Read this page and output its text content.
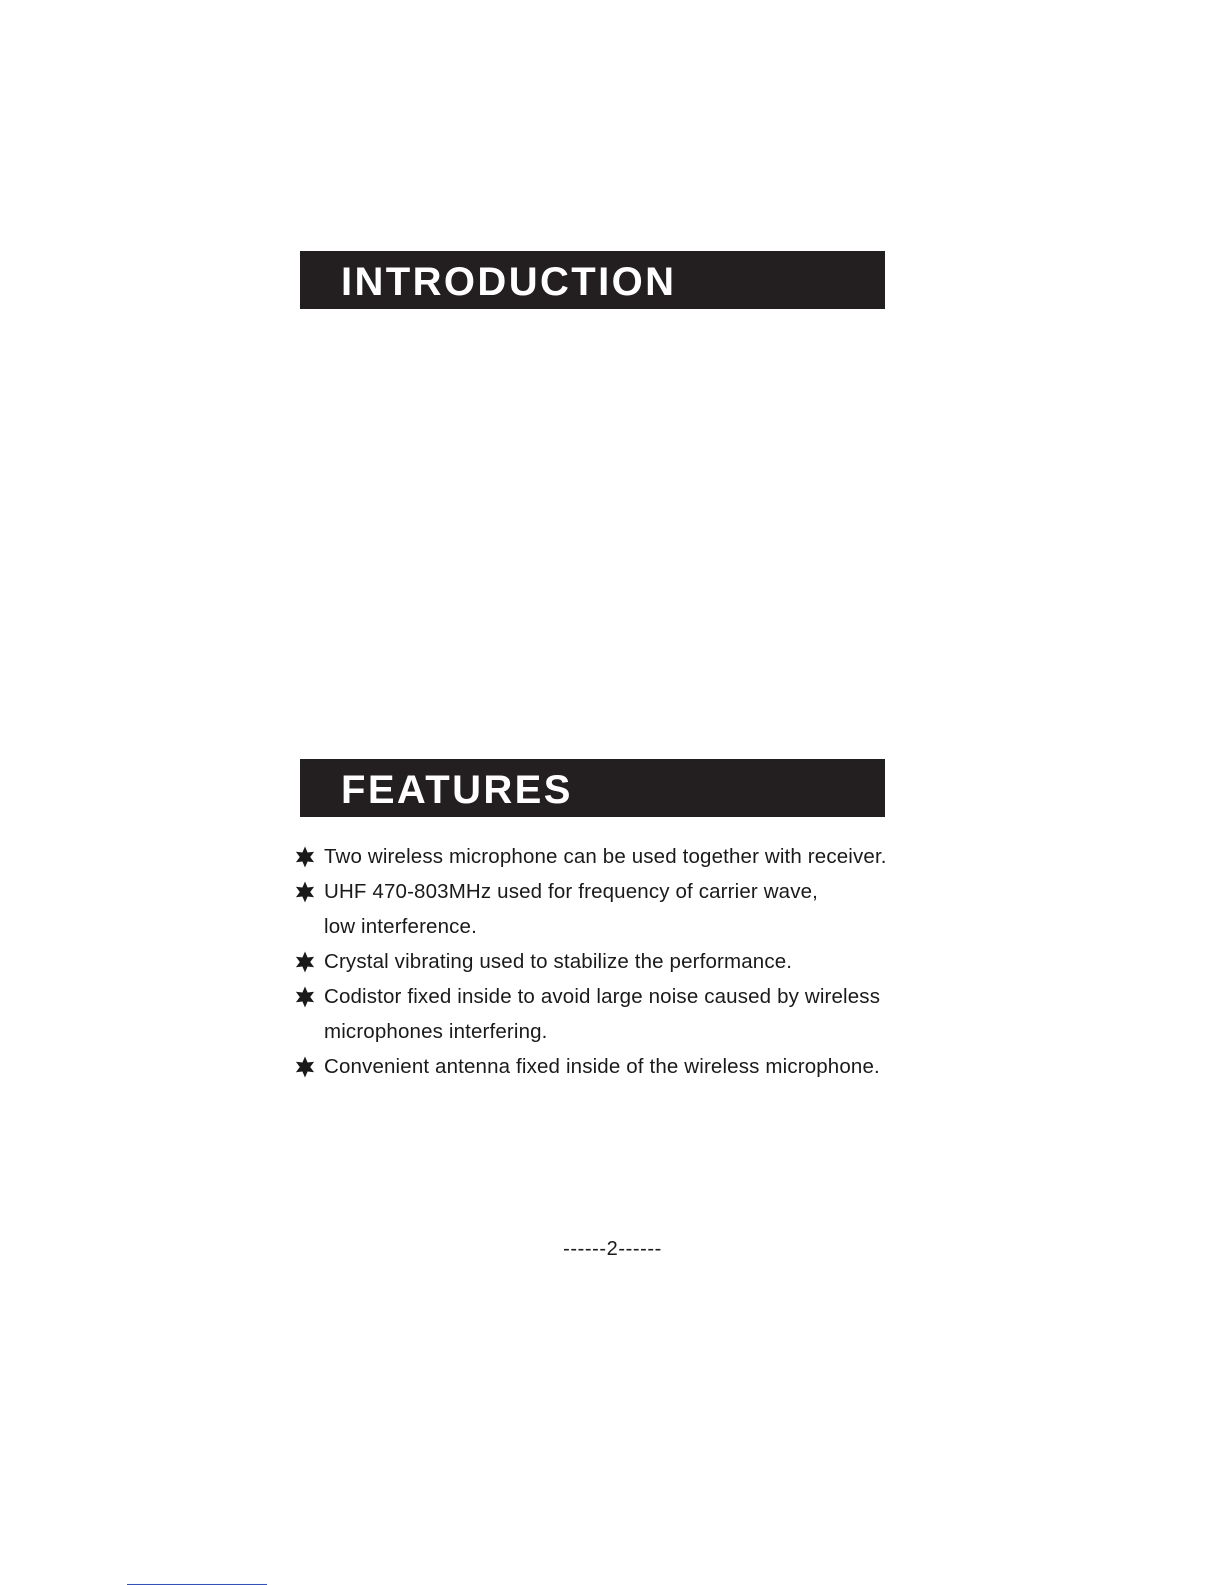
INTRODUCTION
FEATURES
Two wireless microphone can be used together with receiver.
UHF 470-803MHz used for frequency of carrier wave,
low interference.
Crystal vibrating used to stabilize the performance.
Codistor fixed inside to avoid large noise caused by wireless
microphones interfering.
Convenient antenna fixed inside of the wireless microphone.
------2------
